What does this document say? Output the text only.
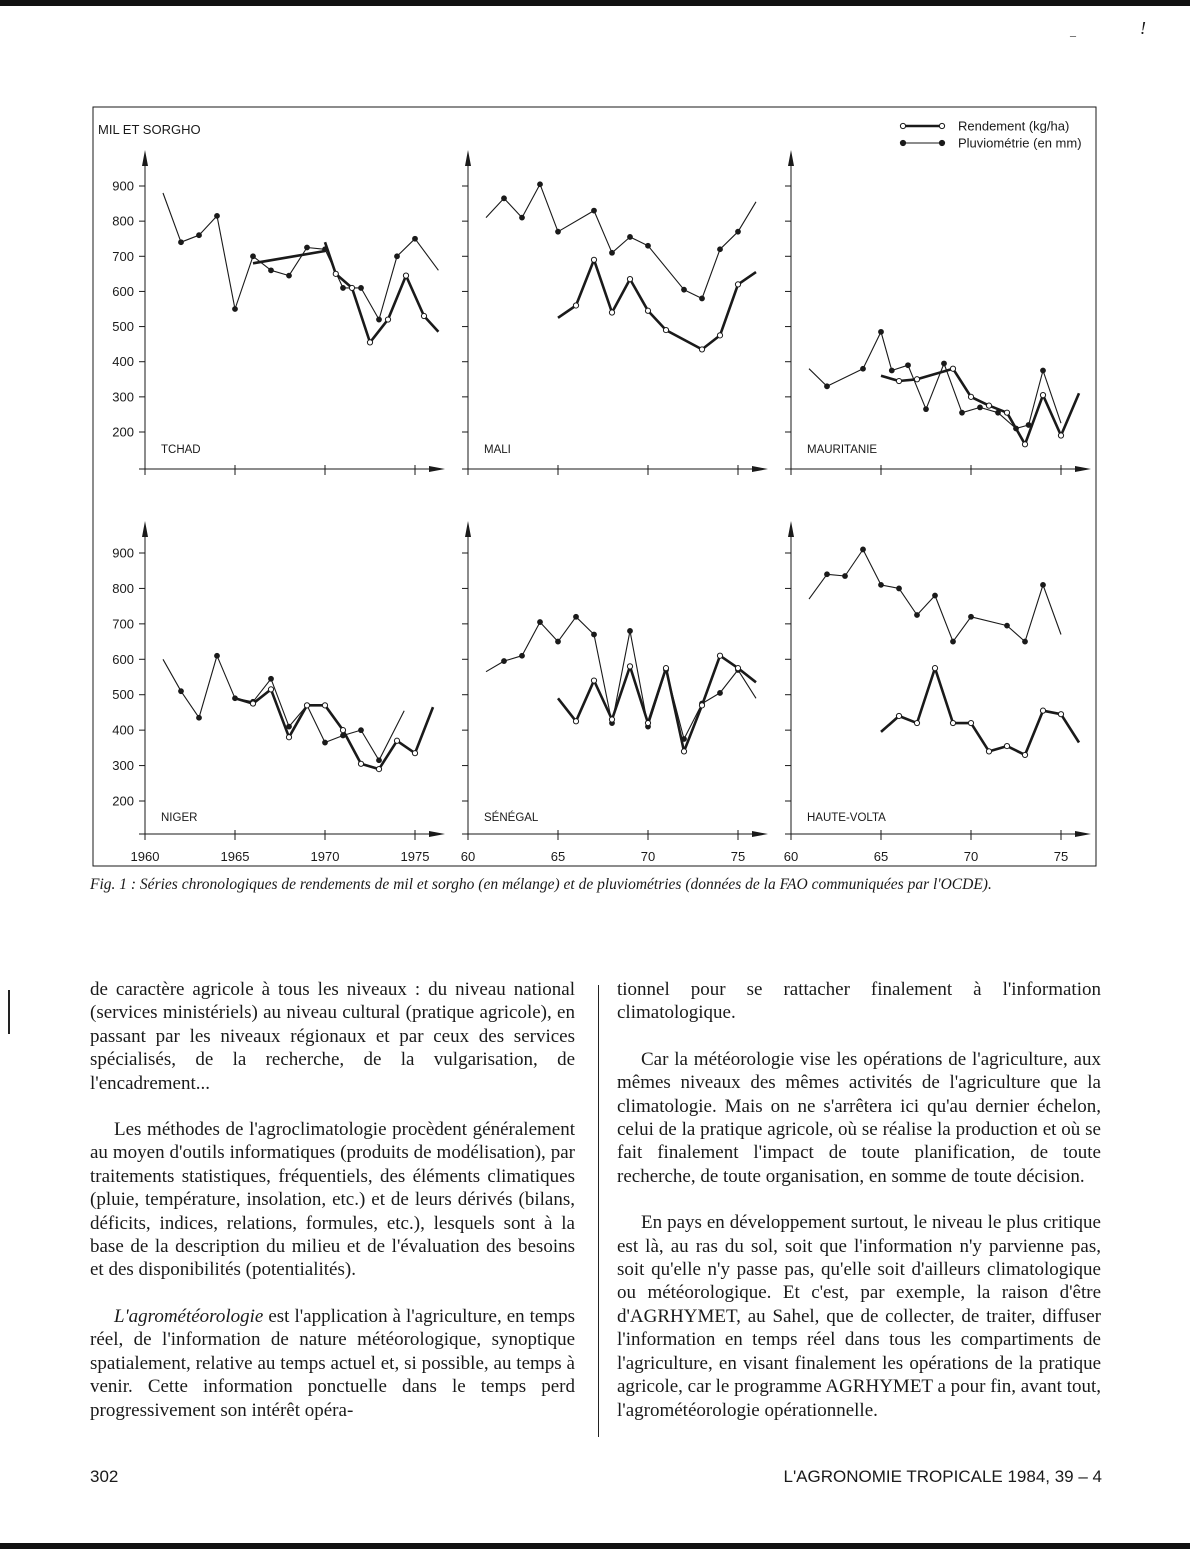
!
–
MIL ET SORGHO	Rendement (kg/ha)
Pluviométrie (en mm)
900
800
700
600
500
400
300
200
TCHAD	MALI	MAURITANIE
900
800
700
600
500
400
300
200
1960	1965	1970	1975
NIGER
60	65	70	75
SÉNÉGAL
60	65	70	75
HAUTE-VOLTA
Fig. 1 : Séries chronologiques de rendements de mil et sorgho (en mélange) et de pluviométries (données de la FAO communiquées par l'OCDE).

de caractère agricole à tous les niveaux : du niveau national (services ministériels) au niveau cultural (pratique agricole), en passant par les niveaux régionaux et par ceux des services spécialisés, de la recherche, de la vulgarisation, de l'encadrement...

Les méthodes de l'agroclimatologie procèdent généralement au moyen d'outils informatiques (produits de modélisation), par traitements statistiques, fréquentiels, des éléments climatiques (pluie, température, insolation, etc.) et de leurs dérivés (bilans, déficits, indices, relations, formules, etc.), lesquels sont à la base de la description du milieu et de l'évaluation des besoins et des disponibilités (potentialités).

L'agrométéorologie est l'application à l'agriculture, en temps réel, de l'information de nature météorologique, synoptique spatialement, relative au temps actuel et, si possible, au temps à venir. Cette information ponctuelle dans le temps perd progressivement son intérêt opéra-

tionnel pour se rattacher finalement à l'information climatologique.

Car la météorologie vise les opérations de l'agriculture, aux mêmes niveaux des mêmes activités de l'agriculture que la climatologie. Mais on ne s'arrêtera ici qu'au dernier échelon, celui de la pratique agricole, où se réalise la production et où se fait finalement l'impact de toute planification, de toute recherche, de toute organisation, en somme de toute décision.

En pays en développement surtout, le niveau le plus critique est là, au ras du sol, soit que l'information n'y parvienne pas, soit qu'elle n'y passe pas, qu'elle soit d'ailleurs climatologique ou météorologique. Et c'est, par exemple, la raison d'être d'AGRHYMET, au Sahel, que de collecter, de traiter, diffuser l'information en temps réel dans tous les compartiments de l'agriculture, en visant finalement les opérations de la pratique agricole, car le programme AGRHYMET a pour fin, avant tout, l'agrométéorologie opérationnelle.

302	L'AGRONOMIE TROPICALE 1984, 39 – 4
